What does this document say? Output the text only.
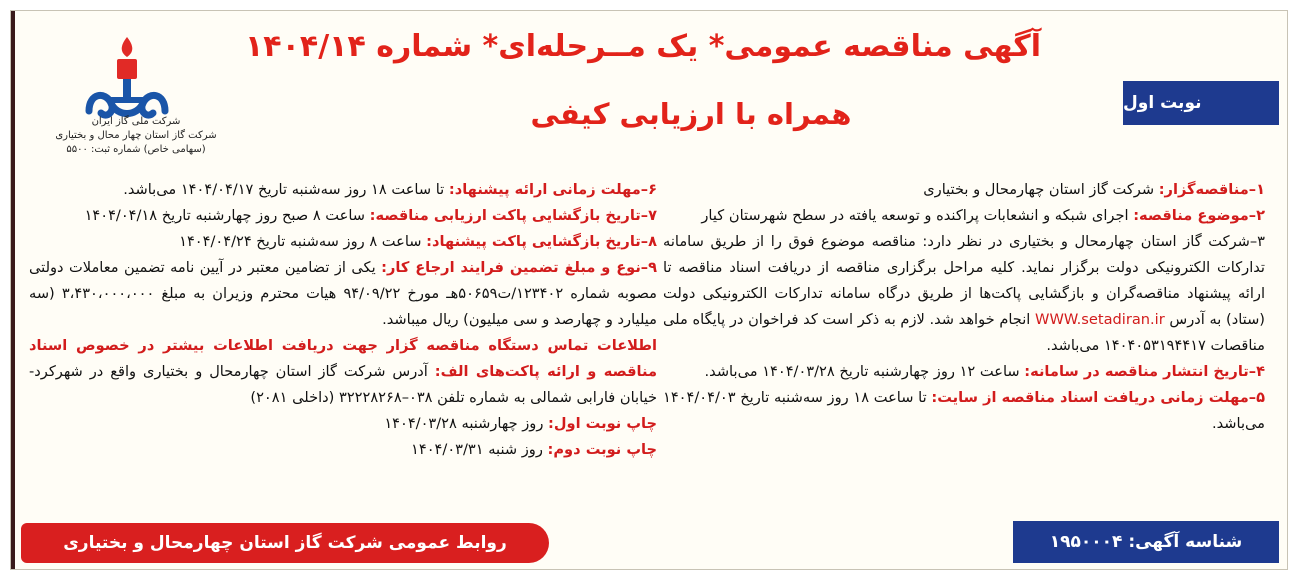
شرکت ملی گاز ایران
شرکت گاز استان چهار محال و بختیاری
(سهامی خاص) شماره ثبت: ۵۵۰۰
آگهی مناقصه عمومی* یک مــرحله‌ای* شماره ۱۴۰۴/۱۴
همراه با ارزیابی کیفی	نوبت اول

۱–مناقصه‌گزار: شرکت گاز استان چهارمحال و بختیاری

۲–موضوع مناقصه: اجرای شبکه و انشعابات پراکنده و توسعه یافته در سطح شهرستان کیار

۳–شرکت گاز استان چهارمحال و بختیاری در نظر دارد: مناقصه موضوع فوق را از طریق سامانه تدارکات الکترونیکی دولت برگزار نماید. کلیه مراحل برگزاری مناقصه از دریافت اسناد مناقصه تا ارائه پیشنهاد مناقصه‌گران و بازگشایی پاکت‌ها از طریق درگاه سامانه تدارکات الکترونیکی دولت (ستاد) به آدرس WWW.setadiran.ir انجام خواهد شد. لازم به ذکر است کد فراخوان در پایگاه ملی مناقصات ۱۴۰۴۰۵۳۱۹۴۴۱۷ می‌باشد.

۴–تاریخ انتشار مناقصه در سامانه: ساعت ۱۲ روز چهارشنبه تاریخ ۱۴۰۴/۰۳/۲۸ می‌باشد.

۵–مهلت زمانی دریافت اسناد مناقصه از سایت: تا ساعت ۱۸ روز سه‌شنبه تاریخ ۱۴۰۴/۰۴/۰۳ می‌باشد.

۶–مهلت زمانی ارائه پیشنهاد: تا ساعت ۱۸ روز سه‌شنبه تاریخ ۱۴۰۴/۰۴/۱۷ می‌باشد.

۷–تاریخ بازگشایی پاکت ارزیابی مناقصه: ساعت ۸ صبح روز چهارشنبه تاریخ ۱۴۰۴/۰۴/۱۸

۸–تاریخ بازگشایی پاکت پیشنهاد: ساعت ۸ روز سه‌شنبه تاریخ ۱۴۰۴/۰۴/۲۴

۹–نوع و مبلغ تضمین فرایند ارجاع کار: یکی از تضامین معتبر در آیین نامه تضمین معاملات دولتی مصوبه شماره ۱۲۳۴۰۲/ت۵۰۶۵۹هـ مورخ ۹۴/۰۹/۲۲ هیات محترم وزیران به مبلغ ۳،۴۳۰،۰۰۰،۰۰۰ (سه میلیارد و چهارصد و سی میلیون) ریال میباشد.

اطلاعات تماس دستگاه مناقصه گزار جهت دریافت اطلاعات بیشتر در خصوص اسناد مناقصه و ارائه پاکت‌های الف: آدرس شرکت گاز استان چهارمحال و بختیاری واقع در شهرکرد-خیابان فارابی شمالی به شماره تلفن ۰۳۸–۳۲۲۲۸۲۶۸ (داخلی ۲۰۸۱)

چاپ نوبت اول: روز چهارشنبه ۱۴۰۴/۰۳/۲۸

چاپ نوبت دوم: روز شنبه ۱۴۰۴/۰۳/۳۱

شناسه آگهی: ۱۹۵۰۰۰۴
روابط عمومی شرکت گاز استان چهارمحال و بختیاری
